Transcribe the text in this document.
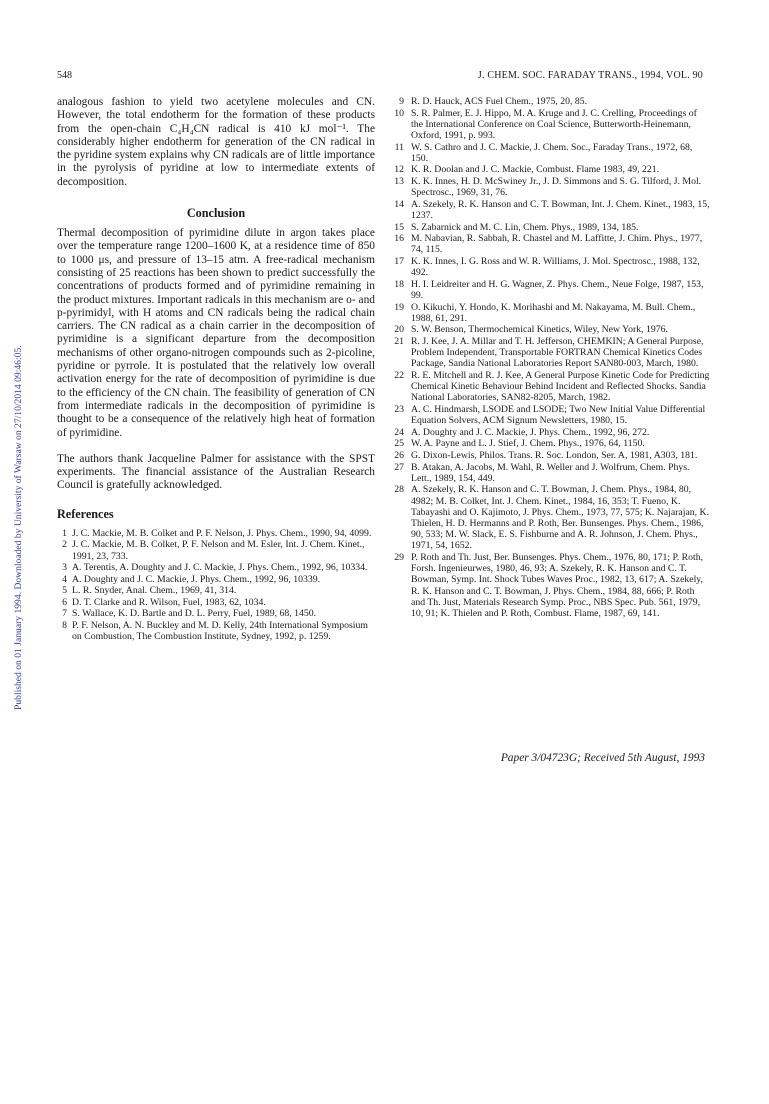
Published on 01 January 1994. Downloaded by University of Warsaw on 27/10/2014 09:46:05.
548	J. CHEM. SOC. FARADAY TRANS., 1994, VOL. 90

analogous fashion to yield two acetylene molecules and CN. However, the total endotherm for the formation of these products from the open-chain C₄H₄CN radical is 410 kJ mol⁻¹. The considerably higher endotherm for generation of the CN radical in the pyridine system explains why CN radicals are of little importance in the pyrolysis of pyridine at low to intermediate extents of decomposition.

Conclusion

Thermal decomposition of pyrimidine dilute in argon takes place over the temperature range 1200–1600 K, at a residence time of 850 to 1000 μs, and pressure of 13–15 atm. A free-radical mechanism consisting of 25 reactions has been shown to predict successfully the concentrations of products formed and of pyrimidine remaining in the product mixtures. Important radicals in this mechanism are o- and p-pyrimidyl, with H atoms and CN radicals being the radical chain carriers. The CN radical as a chain carrier in the decomposition of pyrimidine is a significant departure from the decomposition mechanisms of other organo-nitrogen compounds such as 2-picoline, pyridine or pyrrole. It is postulated that the relatively low overall activation energy for the rate of decomposition of pyrimidine is due to the efficiency of the CN chain. The feasibility of generation of CN from intermediate radicals in the decomposition of pyrimidine is thought to be a consequence of the relatively high heat of formation of pyrimidine.

The authors thank Jacqueline Palmer for assistance with the SPST experiments. The financial assistance of the Australian Research Council is gratefully acknowledged.

References
1 J. C. Mackie, M. B. Colket and P. F. Nelson, J. Phys. Chem., 1990, 94, 4099.
2 J. C. Mackie, M. B. Colket, P. F. Nelson and M. Esler, Int. J. Chem. Kinet., 1991, 23, 733.
3 A. Terentis, A. Doughty and J. C. Mackie, J. Phys. Chem., 1992, 96, 10334.
4 A. Doughty and J. C. Mackie, J. Phys. Chem., 1992, 96, 10339.
5 L. R. Snyder, Anal. Chem., 1969, 41, 314.
6 D. T. Clarke and R. Wilson, Fuel, 1983, 62, 1034.
7 S. Wallace, K. D. Bartle and D. L. Perry, Fuel, 1989, 68, 1450.
8 P. F. Nelson, A. N. Buckley and M. D. Kelly, 24th International Symposium on Combustion, The Combustion Institute, Sydney, 1992, p. 1259.
9 R. D. Hauck, ACS Fuel Chem., 1975, 20, 85.
10 S. R. Palmer, E. J. Hippo, M. A. Kruge and J. C. Crelling, Proceedings of the International Conference on Coal Science, Butterworth-Heinemann, Oxford, 1991, p. 993.
11 W. S. Cathro and J. C. Mackie, J. Chem. Soc., Faraday Trans., 1972, 68, 150.
12 K. R. Doolan and J. C. Mackie, Combust. Flame 1983, 49, 221.
13 K. K. Innes, H. D. McSwiney Jr., J. D. Simmons and S. G. Tilford, J. Mol. Spectrosc., 1969, 31, 76.
14 A. Szekely, R. K. Hanson and C. T. Bowman, Int. J. Chem. Kinet., 1983, 15, 1237.
15 S. Zabarnick and M. C. Lin, Chem. Phys., 1989, 134, 185.
16 M. Nabavian, R. Sabbah, R. Chastel and M. Laffitte, J. Chim. Phys., 1977, 74, 115.
17 K. K. Innes, I. G. Ross and W. R. Williams, J. Mol. Spectrosc., 1988, 132, 492.
18 H. I. Leidreiter and H. G. Wagner, Z. Phys. Chem., Neue Folge, 1987, 153, 99.
19 O. Kikuchi, Y. Hondo, K. Morihashi and M. Nakayama, M. Bull. Chem., 1988, 61, 291.
20 S. W. Benson, Thermochemical Kinetics, Wiley, New York, 1976.
21 R. J. Kee, J. A. Millar and T. H. Jefferson, CHEMKIN; A General Purpose, Problem Independent, Transportable FORTRAN Chemical Kinetics Codes Package, Sandia National Laboratories Report SAN80-003, March, 1980.
22 R. E. Mitchell and R. J. Kee, A General Purpose Kinetic Code for Predicting Chemical Kinetic Behaviour Behind Incident and Reflected Shocks. Sandia National Laboratories, SAN82-8205, March, 1982.
23 A. C. Hindmarsh, LSODE and LSODE; Two New Initial Value Differential Equation Solvers, ACM Signum Newsletters, 1980, 15.
24 A. Doughty and J. C. Mackie, J. Phys. Chem., 1992, 96, 272.
25 W. A. Payne and L. J. Stief, J. Chem. Phys., 1976, 64, 1150.
26 G. Dixon-Lewis, Philos. Trans. R. Soc. London, Ser. A, 1981, A303, 181.
27 B. Atakan, A. Jacobs, M. Wahl, R. Weller and J. Wolfrum, Chem. Phys. Lett., 1989, 154, 449.
28 A. Szekely, R. K. Hanson and C. T. Bowman, J. Chem. Phys., 1984, 80, 4982; M. B. Colket, Int. J. Chem. Kinet., 1984, 16, 353; T. Fueno, K. Tabayashi and O. Kajimoto, J. Phys. Chem., 1973, 77, 575; K. Najarajan, K. Thielen, H. D. Hermanns and P. Roth, Ber. Bunsenges. Phys. Chem., 1986, 90, 533; M. W. Slack, E. S. Fishburne and A. R. Johnson, J. Chem. Phys., 1971, 54, 1652.
29 P. Roth and Th. Just, Ber. Bunsenges. Phys. Chem., 1976, 80, 171; P. Roth, Forsh. Ingenieurwes, 1980, 46, 93; A. Szekely, R. K. Hanson and C. T. Bowman, Symp. Int. Shock Tubes Waves Proc., 1982, 13, 617; A. Szekely, R. K. Hanson and C. T. Bowman, J. Phys. Chem., 1984, 88, 666; P. Roth and Th. Just, Materials Research Symp. Proc., NBS Spec. Pub. 561, 1979, 10, 91; K. Thielen and P. Roth, Combust. Flame, 1987, 69, 141.
Paper 3/04723G; Received 5th August, 1993
